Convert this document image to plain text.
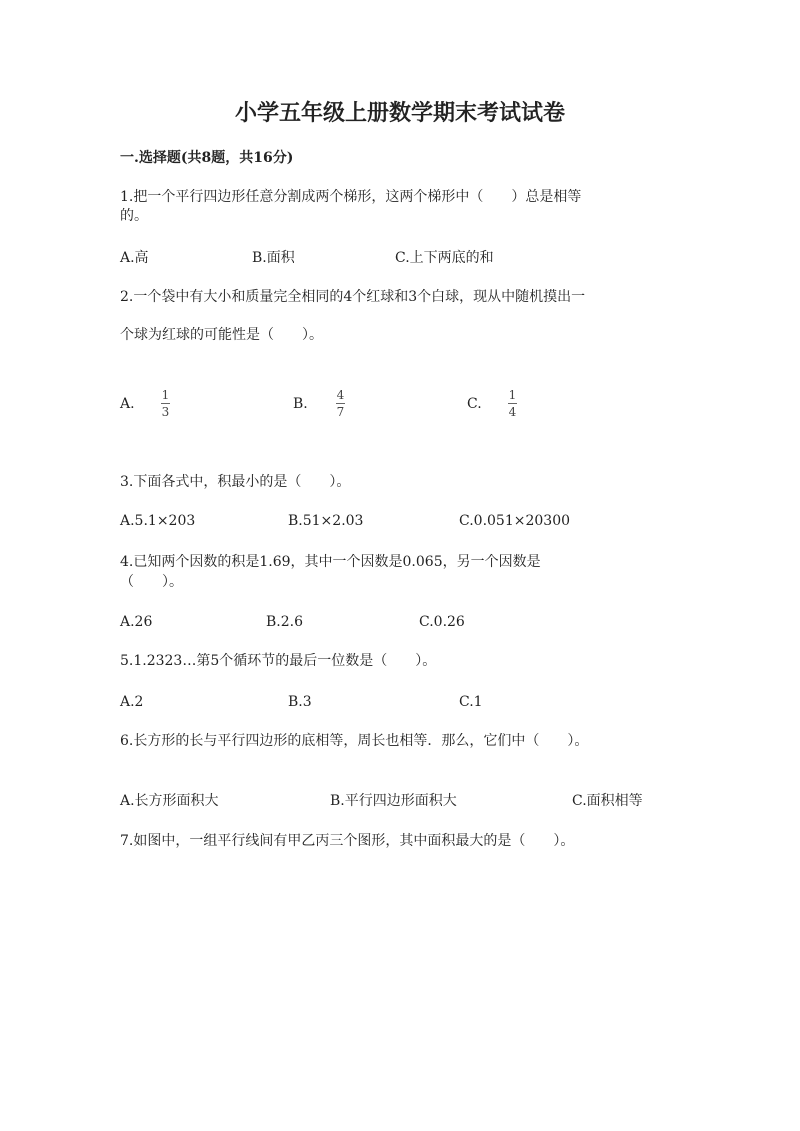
小学五年级上册数学期末考试试卷
一.选择题(共8题，共16分)
1.把一个平行四边形任意分割成两个梯形，这两个梯形中（　　）总是相等
的。
A.高	B.面积	C.上下两底的和
2.一个袋中有大小和质量完全相同的4个红球和3个白球，现从中随机摸出一
个球为红球的可能性是（　　）。
A.
1
3	B.
4
7	C.
1
4
3.下面各式中，积最小的是（　　）。
A.5.1×203	B.51×2.03	C.0.051×20300
4.已知两个因数的积是1.69，其中一个因数是0.065，另一个因数是
（　　）。
A.26	B.2.6	C.0.26
5.1.2323…第5个循环节的最后一位数是（　　）。
A.2	B.3	C.1
6.长方形的长与平行四边形的底相等，周长也相等．那么，它们中（　　）。
A.长方形面积大	B.平行四边形面积大	C.面积相等
7.如图中，一组平行线间有甲乙丙三个图形，其中面积最大的是（　　）。
